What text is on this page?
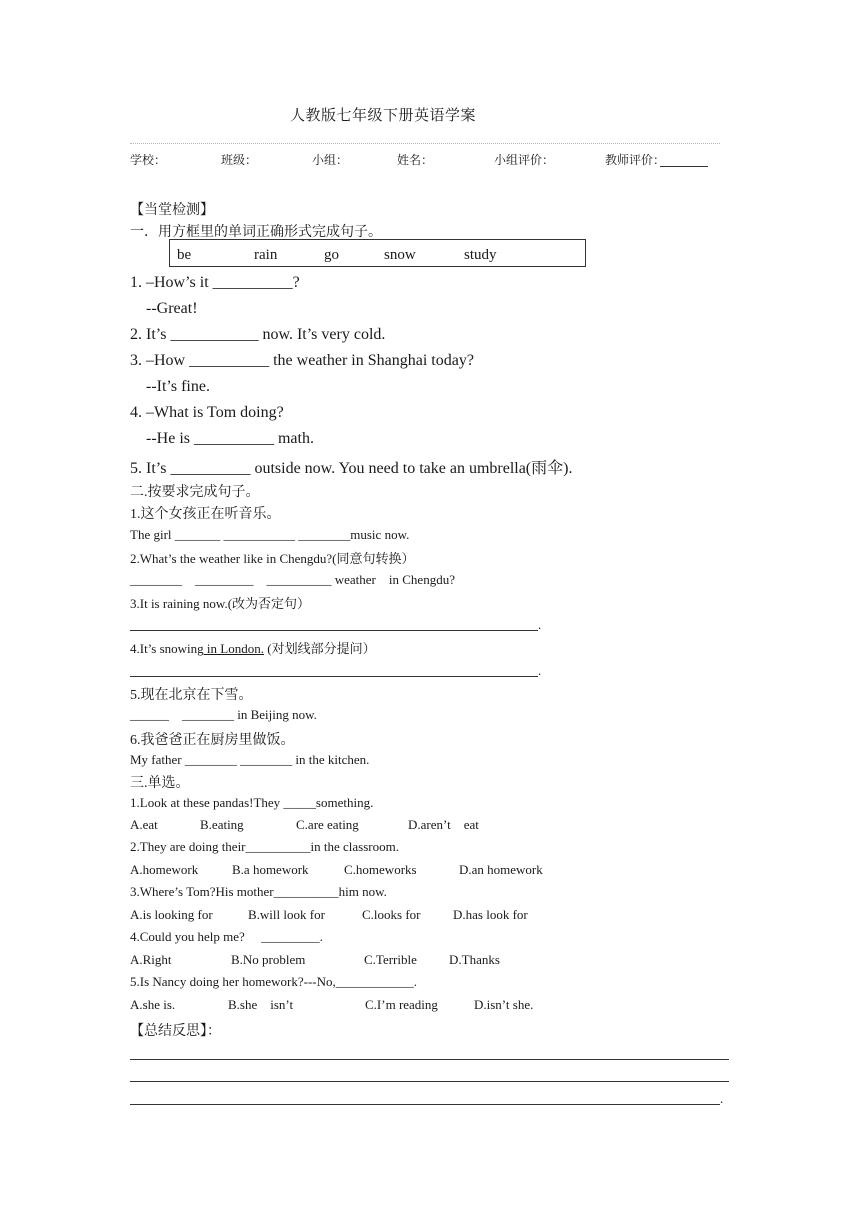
人教版七年级下册英语学案
学校：	班级：	小组：	姓名：	小组评价：	教师评价：
【当堂检测】
一．用方框里的单词正确形式完成句子。
be	rain	go	snow	study
1. –How’s it __________?
--Great!
2. It’s ___________ now. It’s very cold.
3. –How __________ the weather in Shanghai today?
--It’s fine.
4. –What is Tom doing?
--He is __________ math.
5. It’s __________ outside now. You need to take an umbrella(雨伞).
二.按要求完成句子。
1.这个女孩正在听音乐。
The girl _______ ___________ ________music now.
2.What’s the weather like in Chengdu?(同意句转换）
________    _________    __________ weather    in Chengdu?
3.It is raining now.(改为否定句）
.
4.It’s snowing in London. (对划线部分提问）
.
5.现在北京在下雪。
______    ________ in Beijing now.
6.我爸爸正在厨房里做饭。
My father ________ ________ in the kitchen.
三.单选。
1.Look at these pandas!They _____something.
A.eat	B.eating	C.are eating	D.aren’t    eat
2.They are doing their__________in the classroom.
A.homework	B.a homework	C.homeworks	D.an homework
3.Where’s Tom?His mother__________him now.
A.is looking for	B.will look for	C.looks for	D.has look for
4.Could you help me?     _________.
A.Right	B.No problem	C.Terrible D.Thanks
5.Is Nancy doing her homework?---No,____________.
A.she is.	B.she    isn’t	C.I’m reading	D.isn’t she.
【总结反思】：
.
